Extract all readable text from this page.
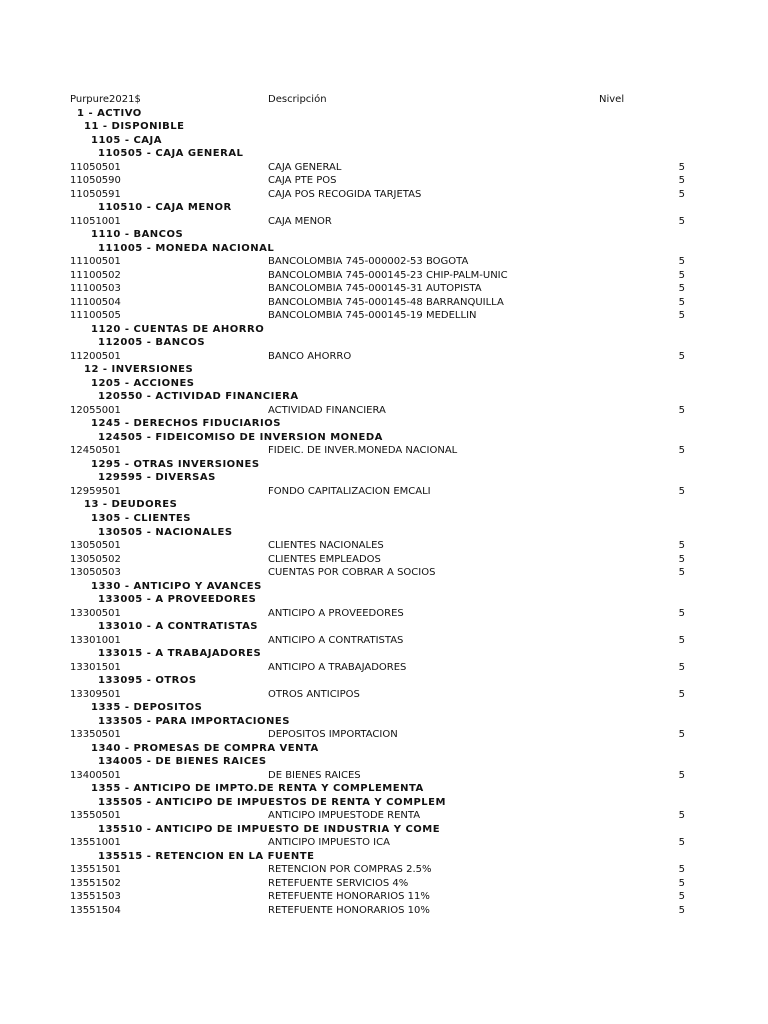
Purpure2021$	Descripción	Nivel
1 - ACTIVO
11 - DISPONIBLE
1105 - CAJA
110505 - CAJA GENERAL
11050501	CAJA GENERAL	5
11050590	CAJA PTE POS	5
11050591	CAJA POS RECOGIDA TARJETAS	5
110510 - CAJA MENOR
11051001	CAJA MENOR	5
1110 - BANCOS
111005 - MONEDA NACIONAL
11100501	BANCOLOMBIA 745-000002-53 BOGOTA	5
11100502	BANCOLOMBIA 745-000145-23 CHIP-PALM-UNIC	5
11100503	BANCOLOMBIA 745-000145-31 AUTOPISTA	5
11100504	BANCOLOMBIA 745-000145-48 BARRANQUILLA	5
11100505	BANCOLOMBIA 745-000145-19 MEDELLIN	5
1120 - CUENTAS DE AHORRO
112005 - BANCOS
11200501	BANCO AHORRO	5
12 - INVERSIONES
1205 - ACCIONES
120550 - ACTIVIDAD FINANCIERA
12055001	ACTIVIDAD FINANCIERA	5
1245 - DERECHOS FIDUCIARIOS
124505 - FIDEICOMISO DE INVERSION MONEDA
12450501	FIDEIC. DE INVER.MONEDA NACIONAL	5
1295 - OTRAS INVERSIONES
129595 - DIVERSAS
12959501	FONDO CAPITALIZACION EMCALI	5
13 - DEUDORES
1305 - CLIENTES
130505 - NACIONALES
13050501	CLIENTES NACIONALES	5
13050502	CLIENTES EMPLEADOS	5
13050503	CUENTAS POR COBRAR A SOCIOS	5
1330 - ANTICIPO Y AVANCES
133005 - A PROVEEDORES
13300501	ANTICIPO A PROVEEDORES	5
133010 - A CONTRATISTAS
13301001	ANTICIPO A CONTRATISTAS	5
133015 - A TRABAJADORES
13301501	ANTICIPO A TRABAJADORES	5
133095 - OTROS
13309501	OTROS ANTICIPOS	5
1335 - DEPOSITOS
133505 - PARA IMPORTACIONES
13350501	DEPOSITOS IMPORTACION	5
1340 - PROMESAS DE COMPRA VENTA
134005 - DE BIENES RAICES
13400501	DE BIENES RAICES	5
1355 - ANTICIPO DE IMPTO.DE RENTA Y COMPLEMENTA
135505 - ANTICIPO DE IMPUESTOS DE RENTA Y COMPLEM
13550501	ANTICIPO IMPUESTODE RENTA	5
135510 - ANTICIPO DE IMPUESTO DE INDUSTRIA Y COME
13551001	ANTICIPO IMPUESTO ICA	5
135515 - RETENCION EN LA FUENTE
13551501	RETENCION POR COMPRAS 2.5%	5
13551502	RETEFUENTE SERVICIOS 4%	5
13551503	RETEFUENTE HONORARIOS 11%	5
13551504	RETEFUENTE HONORARIOS 10%	5
